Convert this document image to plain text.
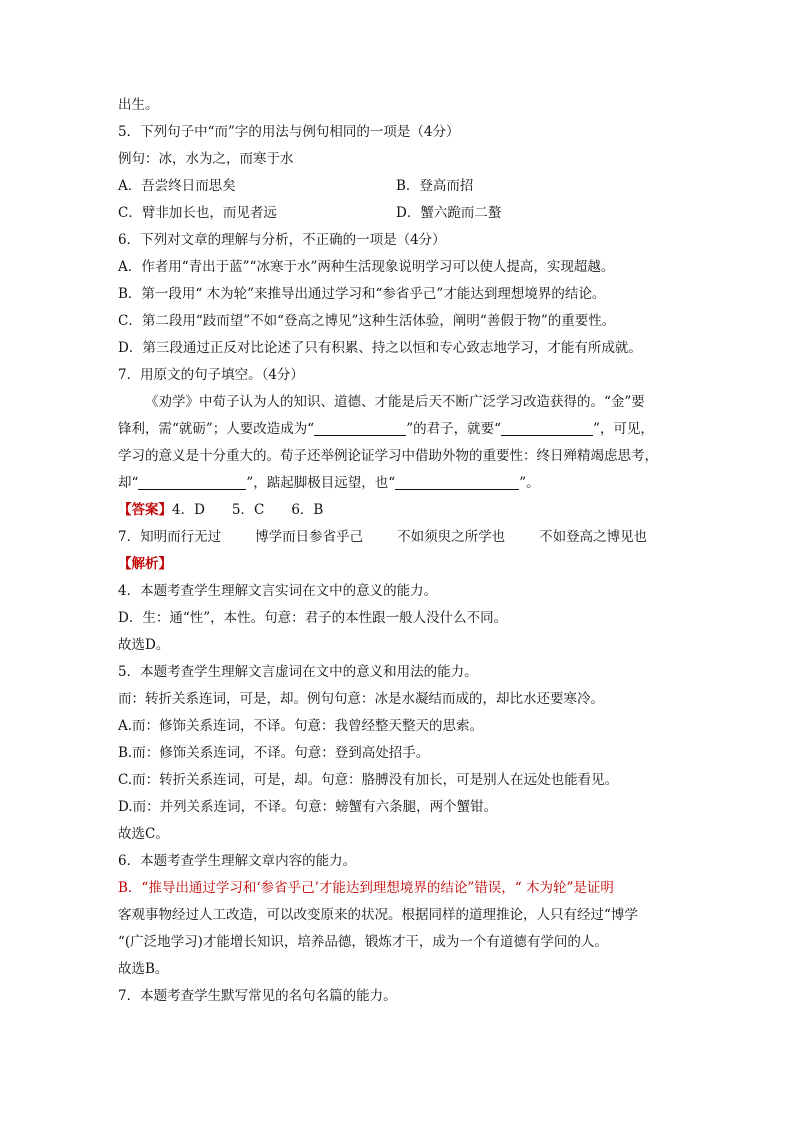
出生。
5．下列句子中“而”字的用法与例句相同的一项是（4分）
例句：冰，水为之，而寒于水
A．吾尝终日而思矣	B．登高而招
C．臂非加长也，而见者远	D．蟹六跪而二螯
6．下列对文章的理解与分析，不正确的一项是（4分）
A．作者用“青出于蓝”“冰寒于水”两种生活现象说明学习可以使人提高，实现超越。
B．第一段用“ 木为轮”来推导出通过学习和“参省乎己”才能达到理想境界的结论。
C．第二段用“跂而望”不如“登高之博见”这种生活体验，阐明“善假于物”的重要性。
D．第三段通过正反对比论述了只有积累、持之以恒和专心致志地学习，才能有所成就。
7．用原文的句子填空。（4分）
《劝学》中荀子认为人的知识、道德、才能是后天不断广泛学习改造获得的。“金”要
锋利，需“就砺”；人要改造成为“	”的君子，就要“	”，可见，
学习的意义是十分重大的。荀子还举例论证学习中借助外物的重要性：终日殚精竭虑思考，
却“	”，踮起脚极目远望，也“	”。
【答案】4．D　　5．C　　6．B
7． 知明而行无过	博学而日参省乎己	不如须臾之所学也	不如登高之博见也
【解析】
4．本题考查学生理解文言实词在文中的意义的能力。
D．生：通“性”，本性。句意：君子的本性跟一般人没什么不同。
故选D。
5．本题考查学生理解文言虚词在文中的意义和用法的能力。
而：转折关系连词，可是，却。例句句意：冰是水凝结而成的，却比水还要寒冷。
A.而：修饰关系连词，不译。句意：我曾经整天整天的思索。
B.而：修饰关系连词，不译。句意：登到高处招手。
C.而：转折关系连词，可是，却。句意：胳膊没有加长，可是别人在远处也能看见。
D.而：并列关系连词，不译。句意：螃蟹有六条腿，两个蟹钳。
故选C。
6．本题考查学生理解文章内容的能力。
B．“推导出通过学习和‘参省乎己’才能达到理想境界的结论”错误，“ 木为轮”是证明
客观事物经过人工改造，可以改变原来的状况。根据同样的道理推论，人只有经过“博学
“(广泛地学习)才能增长知识，培养品德，锻炼才干，成为一个有道德有学问的人。
故选B。
7．本题考查学生默写常见的名句名篇的能力。
